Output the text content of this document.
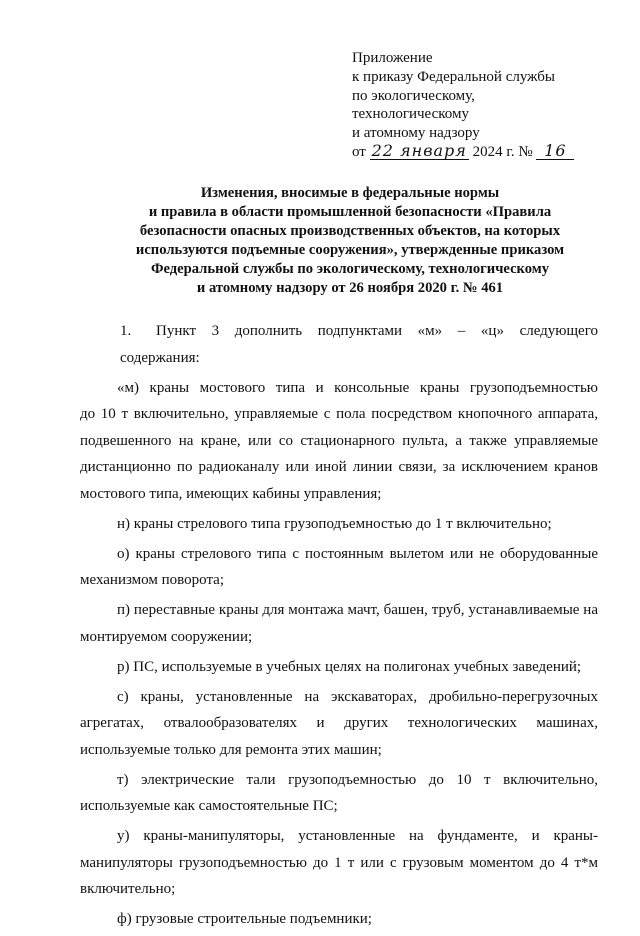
Приложение
к приказу Федеральной службы
по экологическому,
технологическому
и атомному надзору
от 22 января 2024 г. № 16
Изменения, вносимые в федеральные нормы
и правила в области промышленной безопасности «Правила
безопасности опасных производственных объектов, на которых
используются подъемные сооружения», утвержденные приказом
Федеральной службы по экологическому, технологическому
и атомному надзору от 26 ноября 2020 г. № 461
1. Пункт 3 дополнить подпунктами «м» – «ц» следующего содержания:
«м) краны мостового типа и консольные краны грузоподъемностью
до 10 т включительно, управляемые с пола посредством кнопочного аппарата,
подвешенного на кране, или со стационарного пульта, а также управляемые
дистанционно по радиоканалу или иной линии связи, за исключением кранов
мостового типа, имеющих кабины управления;
н) краны стрелового типа грузоподъемностью до 1 т включительно;
о) краны стрелового типа с постоянным вылетом или не оборудованные
механизмом поворота;
п) переставные краны для монтажа мачт, башен, труб, устанавливаемые на
монтируемом сооружении;
р) ПС, используемые в учебных целях на полигонах учебных заведений;
с) краны, установленные на экскаваторах, дробильно-перегрузочных
агрегатах, отвалообразователях и других технологических машинах,
используемые только для ремонта этих машин;
т) электрические тали грузоподъемностью до 10 т включительно,
используемые как самостоятельные ПС;
у) краны-манипуляторы, установленные на фундаменте, и краны-
манипуляторы грузоподъемностью до 1 т или с грузовым моментом до 4 т*м
включительно;
ф) грузовые строительные подъемники;
